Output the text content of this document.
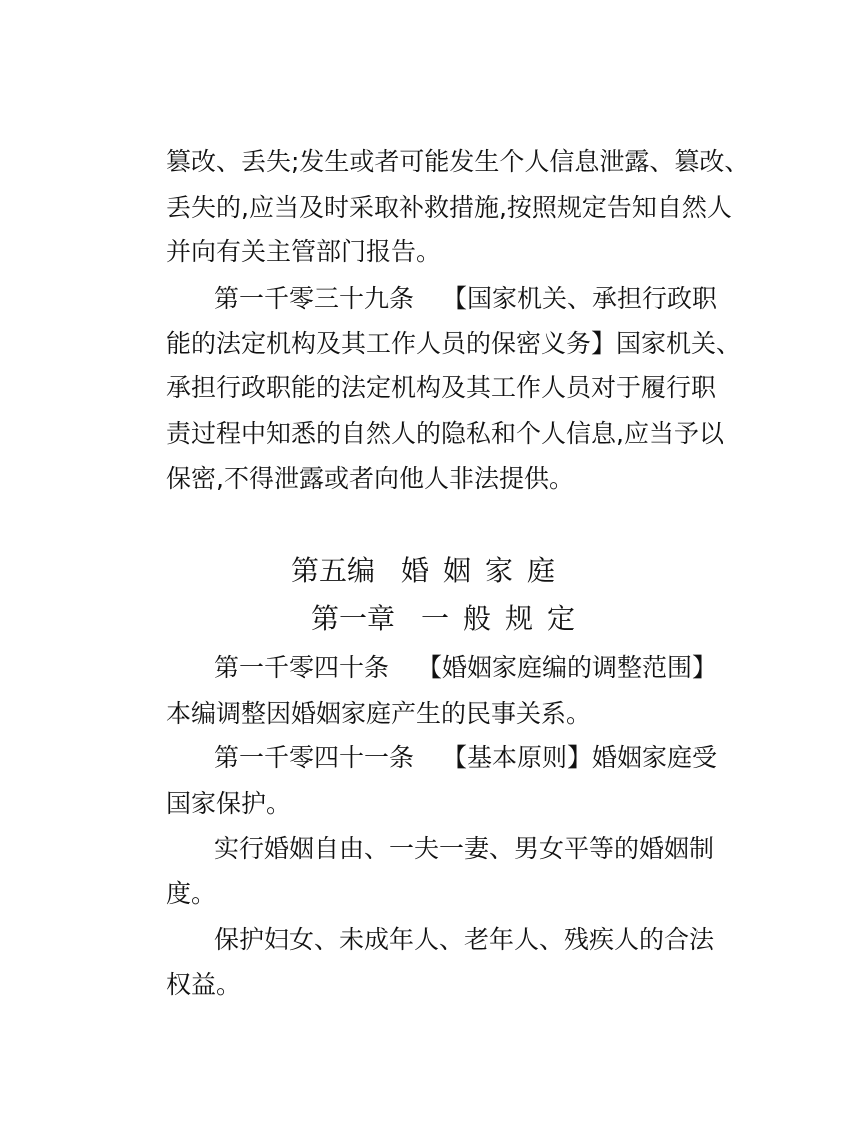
篡改、丢失;发生或者可能发生个人信息泄露、篡改、
丢失的,应当及时采取补救措施,按照规定告知自然人
并向有关主管部门报告。
第一千零三十九条 【国家机关、承担行政职
能的法定机构及其工作人员的保密义务】国家机关、
承担行政职能的法定机构及其工作人员对于履行职
责过程中知悉的自然人的隐私和个人信息,应当予以
保密,不得泄露或者向他人非法提供。
第五编 婚姻家庭
第一章 一般规定
第一千零四十条 【婚姻家庭编的调整范围】
本编调整因婚姻家庭产生的民事关系。
第一千零四十一条 【基本原则】婚姻家庭受
国家保护。
实行婚姻自由、一夫一妻、男女平等的婚姻制
度。
保护妇女、未成年人、老年人、残疾人的合法
权益。
